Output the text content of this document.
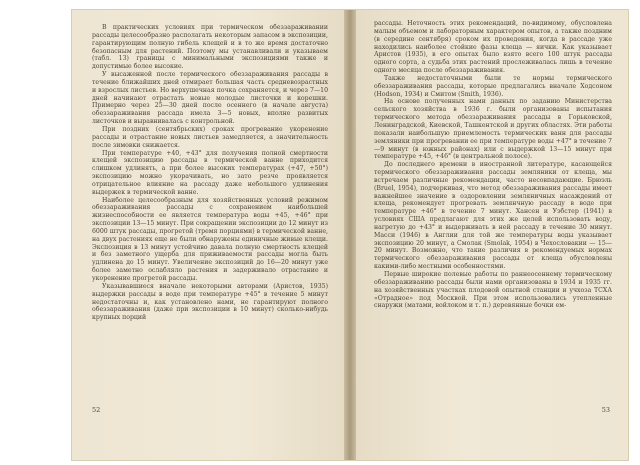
В практических условиях при термическом обеззараживании рассады целесообразно располагать некоторым запасом в экспозиции, гарантирующим полную гибель клещей и в то же время достаточно безопасным для растений. Поэтому мы устанавливали и указываем (табл. 13) границы с минимальными экспозициями также и допустимые более высокие.

У высаженной после термического обеззараживания рассады в течение ближайших дней отмирает большая часть средневозрастных и взрослых листьев. Но верхушечная почка сохраняется, и через 7—10 дней начинают отрастать новые молодые листочки и корешки. Примерно через 25—30 дней после осеннего (в начале августа) обеззараживания рассада имела 3—5 новых, вполне развитых листочков и выравнивалась с контрольной.

При поздних (сентябрьских) сроках прогревание укоренение рассады и отрастание новых листьев замедляется, а значительность после зимовки снижается.

При температуре +40, +43° для получения полной смертности клещей экспозицию рассады в термической ванне приходится слишком удлинять, а при более высоких температурах (+47, +50°) экспозицию можно укорачивать, но зато резче проявляется отрицательное влияние на рассаду даже небольшого удлинения выдержек в термической ванне.

Наиболее целесообразным для хозяйственных условий режимом обеззараживания рассады с сохранением наибольшей жизнеспособности ее является температура воды +45, +46° при экспозиции 13—15 минут. При сокращении экспозиции до 12 минут из 6000 штук рассады, прогретой (тремя порциями) в термической ванне, на двух растениях еще не были обнаружены единичные живые клещи. Экспозиция в 13 минут устойчиво давала полную смертность клещей и без заметного ущерба для приживаемости рассады могла быть удлинена до 15 минут. Увеличение экспозиций до 16—20 минут уже более заметно ослабляло растения и задерживало отрастание и укоренение прогретой рассады.

Указывавшиеся вначале некоторыми авторами (Аристов, 1935) выдержки рассады в воде при температуре +45° в течение 5 минут недостаточны и, как установлено нами, не гарантируют полного обеззараживания (даже при экспозиции в 10 минут) сколько-нибудь крупных порций

52

рассады. Неточность этих рекомендаций, по-видимому, обусловлена малым объемом и лабораторным характером опытов, а также поздним (в середине сентября) сроком их проведения, когда в рассаде уже находились наиболее стойкие фазы клеща — яички. Как указывает Аристов (1935), в его опытах было взято всего 100 штук рассады одного сорта, а судьба этих растений прослеживалась лишь в течение одного месяца после обеззараживания.

Также недостаточными были те нормы термического обеззараживания рассады, которые предлагались вначале Ходсоном (Hodson, 1934) и Смитом (Smith, 1936).

На основе полученных нами данных по заданию Министерства сельского хозяйства в 1936 г. были организованы испытания термического метода обеззараживания рассады в Горьковской, Ленинградской, Киевской, Ташкентской и других областях. Эти работы показали наибольшую приемлемость термических ванн для рассады земляники при прогревании ее при температуре воды +47° в течение 7—9 минут (в южных районах) или с выдержкой 13—15 минут при температуре +45, +46° (в центральной полосе).

До последнего времени в иностранной литературе, касающейся термического обеззараживания рассады земляники от клеща, мы встречаем различные рекомендации, часто несовпадающие. Брюэль (Bruel, 1954), подчеркивая, что метод обеззараживания рассады имеет важнейшее значение в оздоровлении земляничных насаждений от клеща, рекомендует прогревать землянчную рассаду в воде при температуре +46° в течение 7 минут. Хансен и Уэбстер (1941) в условиях США предлагают для этих же целей использовать воду, нагретую до +43° и выдерживать в ней рассаду в течение 30 минут. Масси (1946) в Англии для той же температуры воды указывает экспозицию 20 минут, а Смолак (Smolak, 1954) в Чехословакии — 15—20 минут. Возможно, что такие различия в рекомендуемых нормах термического обеззараживания рассады от клеща обусловлены какими-либо местными особенностями.

Первые широкие полевые работы по раннеосеннему термическому обеззараживанию рассады были нами организованы в 1934 и 1935 гг. на хозяйственных участках плодовой опытной станции и учхоза ТСХА «Отрадное» под Москвой. При этом использовались утепленные снаружи (матами, войлоком и т. п.) деревянные бочки ем-

53
